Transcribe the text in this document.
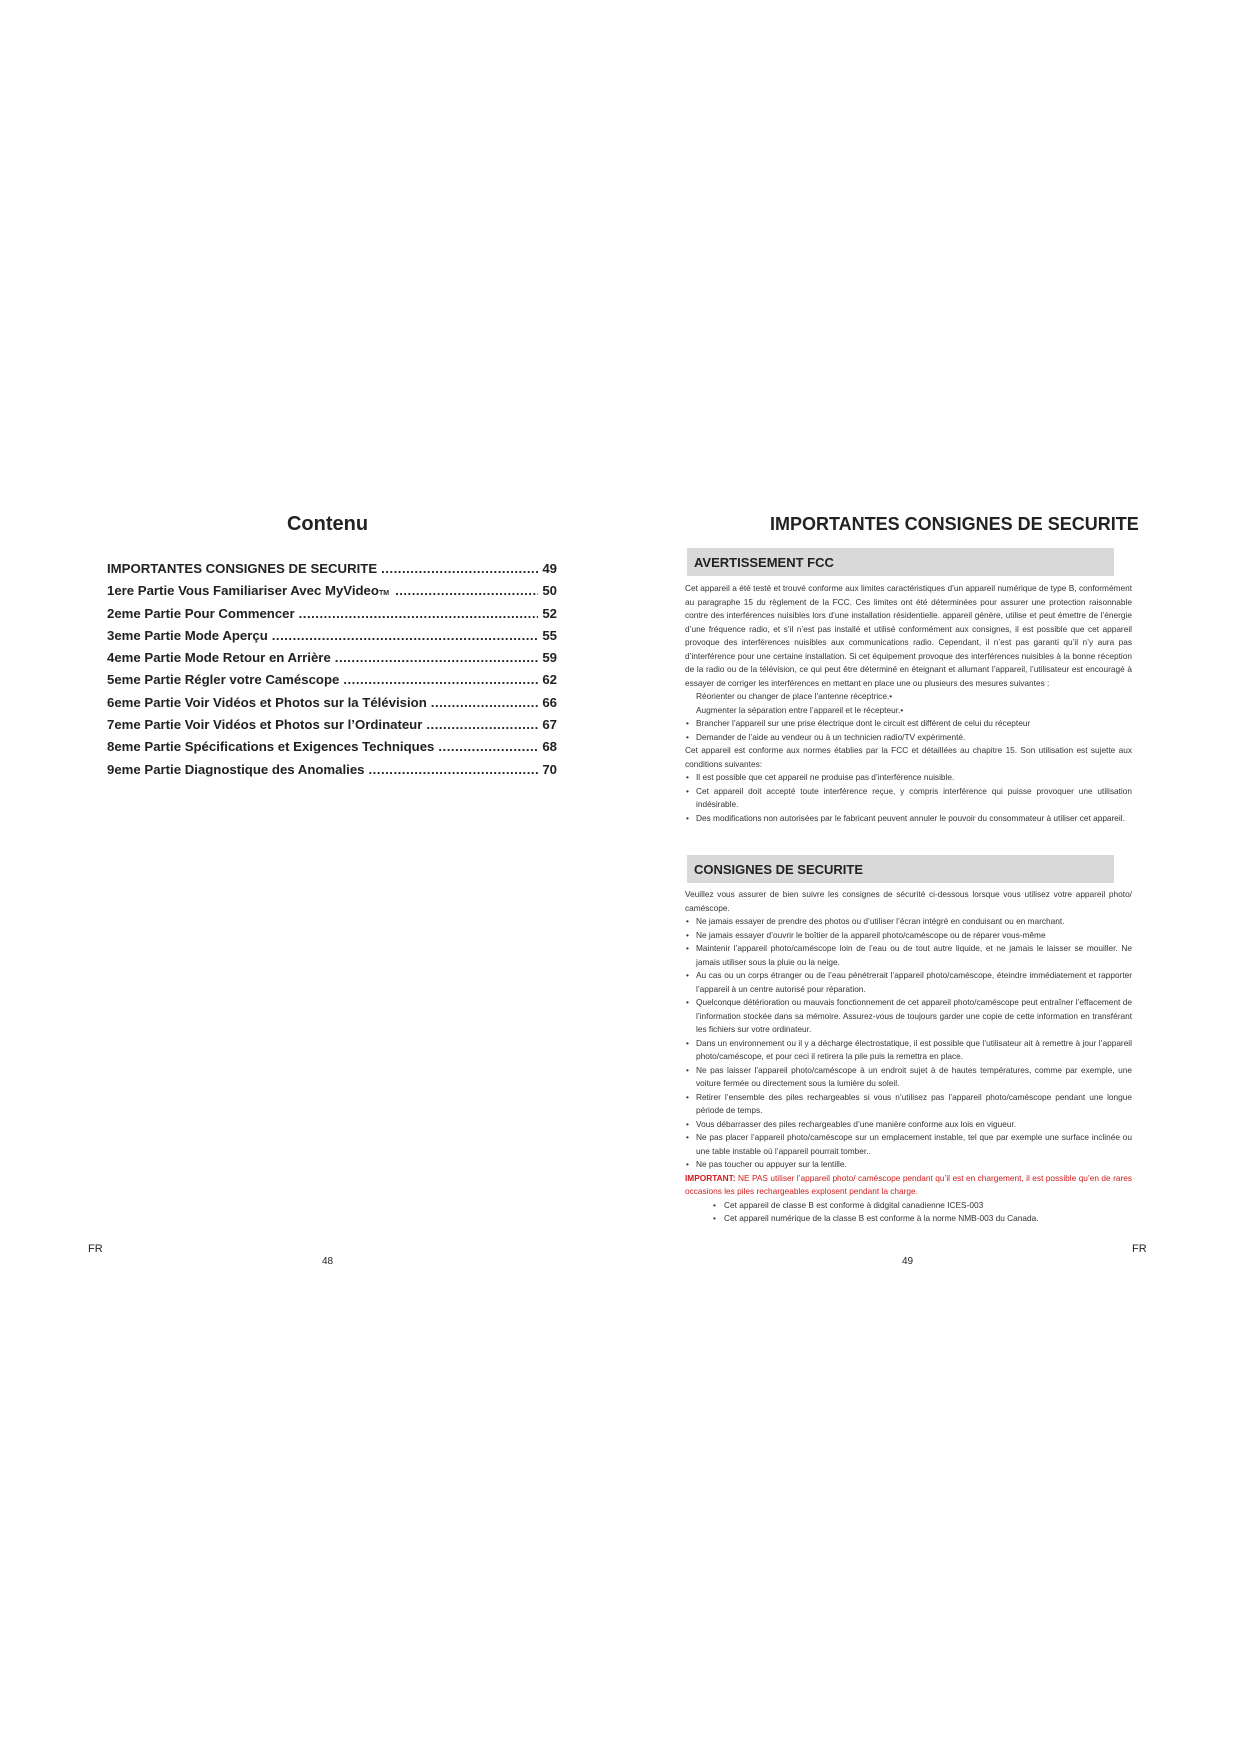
Contenu
IMPORTANTES CONSIGNES DE SECURITE .....	49
1ere Partie Vous Familiariser Avec MyVideo TM .....	50
2eme Partie Pour Commencer .....	52
3eme Partie Mode Aperçu .....	55
4eme Partie Mode Retour en Arrière .....	59
5eme Partie Régler votre Caméscope .....	62
6eme Partie Voir Vidéos et Photos sur la Télévision .....	66
7eme Partie Voir Vidéos et Photos sur l’Ordinateur .....	67
8eme Partie Spécifications et Exigences Techniques .....	68
9eme Partie Diagnostique des Anomalies .....	70
FR
48
IMPORTANTES CONSIGNES DE SECURITE
AVERTISSEMENT FCC

Cet appareil a été testé et trouvé conforme aux limites caractéristiques d’un appareil numérique de type B, conformément au paragraphe 15 du règlement de la FCC. Ces limites ont été déterminées pour assurer une protection raisonnable contre des interférences nuisibles lors d’une installation résidentielle. appareil génère, utilise et peut émettre de l’énergie d’une fréquence radio, et s’il n’est pas installé et utilisé conformément aux consignes, il est possible que cet appareil provoque des interférences nuisibles aux communications radio. Cependant, il n’est pas garanti qu’il n’y aura pas d’interférence pour une certaine installation. Si cet équipement provoque des interférences nuisibles à la bonne réception de la radio ou de la télévision, ce qui peut être déterminé en éteignant et allumant l’appareil, l’utilisateur est encouragé à essayer de corriger les interférences en mettant en place une ou plusieurs des mesures suivantes :

Réorienter ou changer de place l’antenne réceptrice.•

Augmenter la séparation entre l’appareil et le récepteur.•

• Brancher l’appareil sur une prise électrique dont le circuit est différent de celui du récepteur
• Demander de l’aide au vendeur ou à un technicien radio/TV expérimenté.

Cet appareil est conforme aux normes établies par la FCC et détaillées au chapitre 15. Son utilisation est sujette aux conditions suivantes:

• Il est possible que cet appareil ne produise pas d’interférence nuisible.
• Cet appareil doit accepté toute interférence reçue, y compris interférence qui puisse provoquer une utilisation indésirable.
• Des modifications non autorisées par le fabricant peuvent annuler le pouvoir du consommateur à utiliser cet appareil.
CONSIGNES DE SECURITE

Veuillez vous assurer de bien suivre les consignes de sécurité ci-dessous lorsque vous utilisez votre appareil photo/ caméscope.

• Ne jamais essayer de prendre des photos ou d’utiliser l’écran intégré en conduisant ou en marchant.
• Ne jamais essayer d’ouvrir le boîtier de la appareil photo/caméscope ou de réparer vous-même
• Maintenir l’appareil photo/caméscope loin de l’eau ou de tout autre liquide, et ne jamais le laisser se mouiller. Ne jamais utiliser sous la pluie ou la neige.
• Au cas ou un corps étranger ou de l’eau pénétrerait l’appareil photo/caméscope, éteindre immédiatement et rapporter l’appareil à un centre autorisé pour réparation.
• Quelconque détérioration ou mauvais fonctionnement de cet appareil photo/caméscope peut entraîner l’effacement de l’information stockée dans sa mémoire. Assurez-vous de toujours garder une copie de cette information en transférant les fichiers sur votre ordinateur.
• Dans un environnement ou il y a décharge électrostatique, il est possible que l’utilisateur ait à remettre à jour l’appareil photo/caméscope, et pour ceci il retirera la pile puis la remettra en place.
• Ne pas laisser l’appareil photo/caméscope à un endroit sujet à de hautes températures, comme par exemple, une voiture fermée ou directement sous la lumière du soleil.
• Retirer l’ensemble des piles rechargeables si vous n’utilisez pas l’appareil photo/caméscope pendant une longue période de temps.
• Vous débarrasser des piles rechargeables d’une manière conforme aux lois en vigueur.
• Ne pas placer l’appareil photo/caméscope sur un emplacement instable, tel que par exemple une surface inclinée ou une table instable où l’appareil pourrait tomber..
• Ne pas toucher ou appuyer sur la lentille.

IMPORTANT: NE PAS utiliser l’appareil photo/ caméscope pendant qu’il est en chargement, il est possible qu’en de rares occasions les piles rechargeables explosent pendant la charge.

• Cet appareil de classe B est conforme à didgital canadienne ICES-003
• Cet appareil numérique de la classe B est conforme à la norme NMB-003 du Canada.
49
FR
